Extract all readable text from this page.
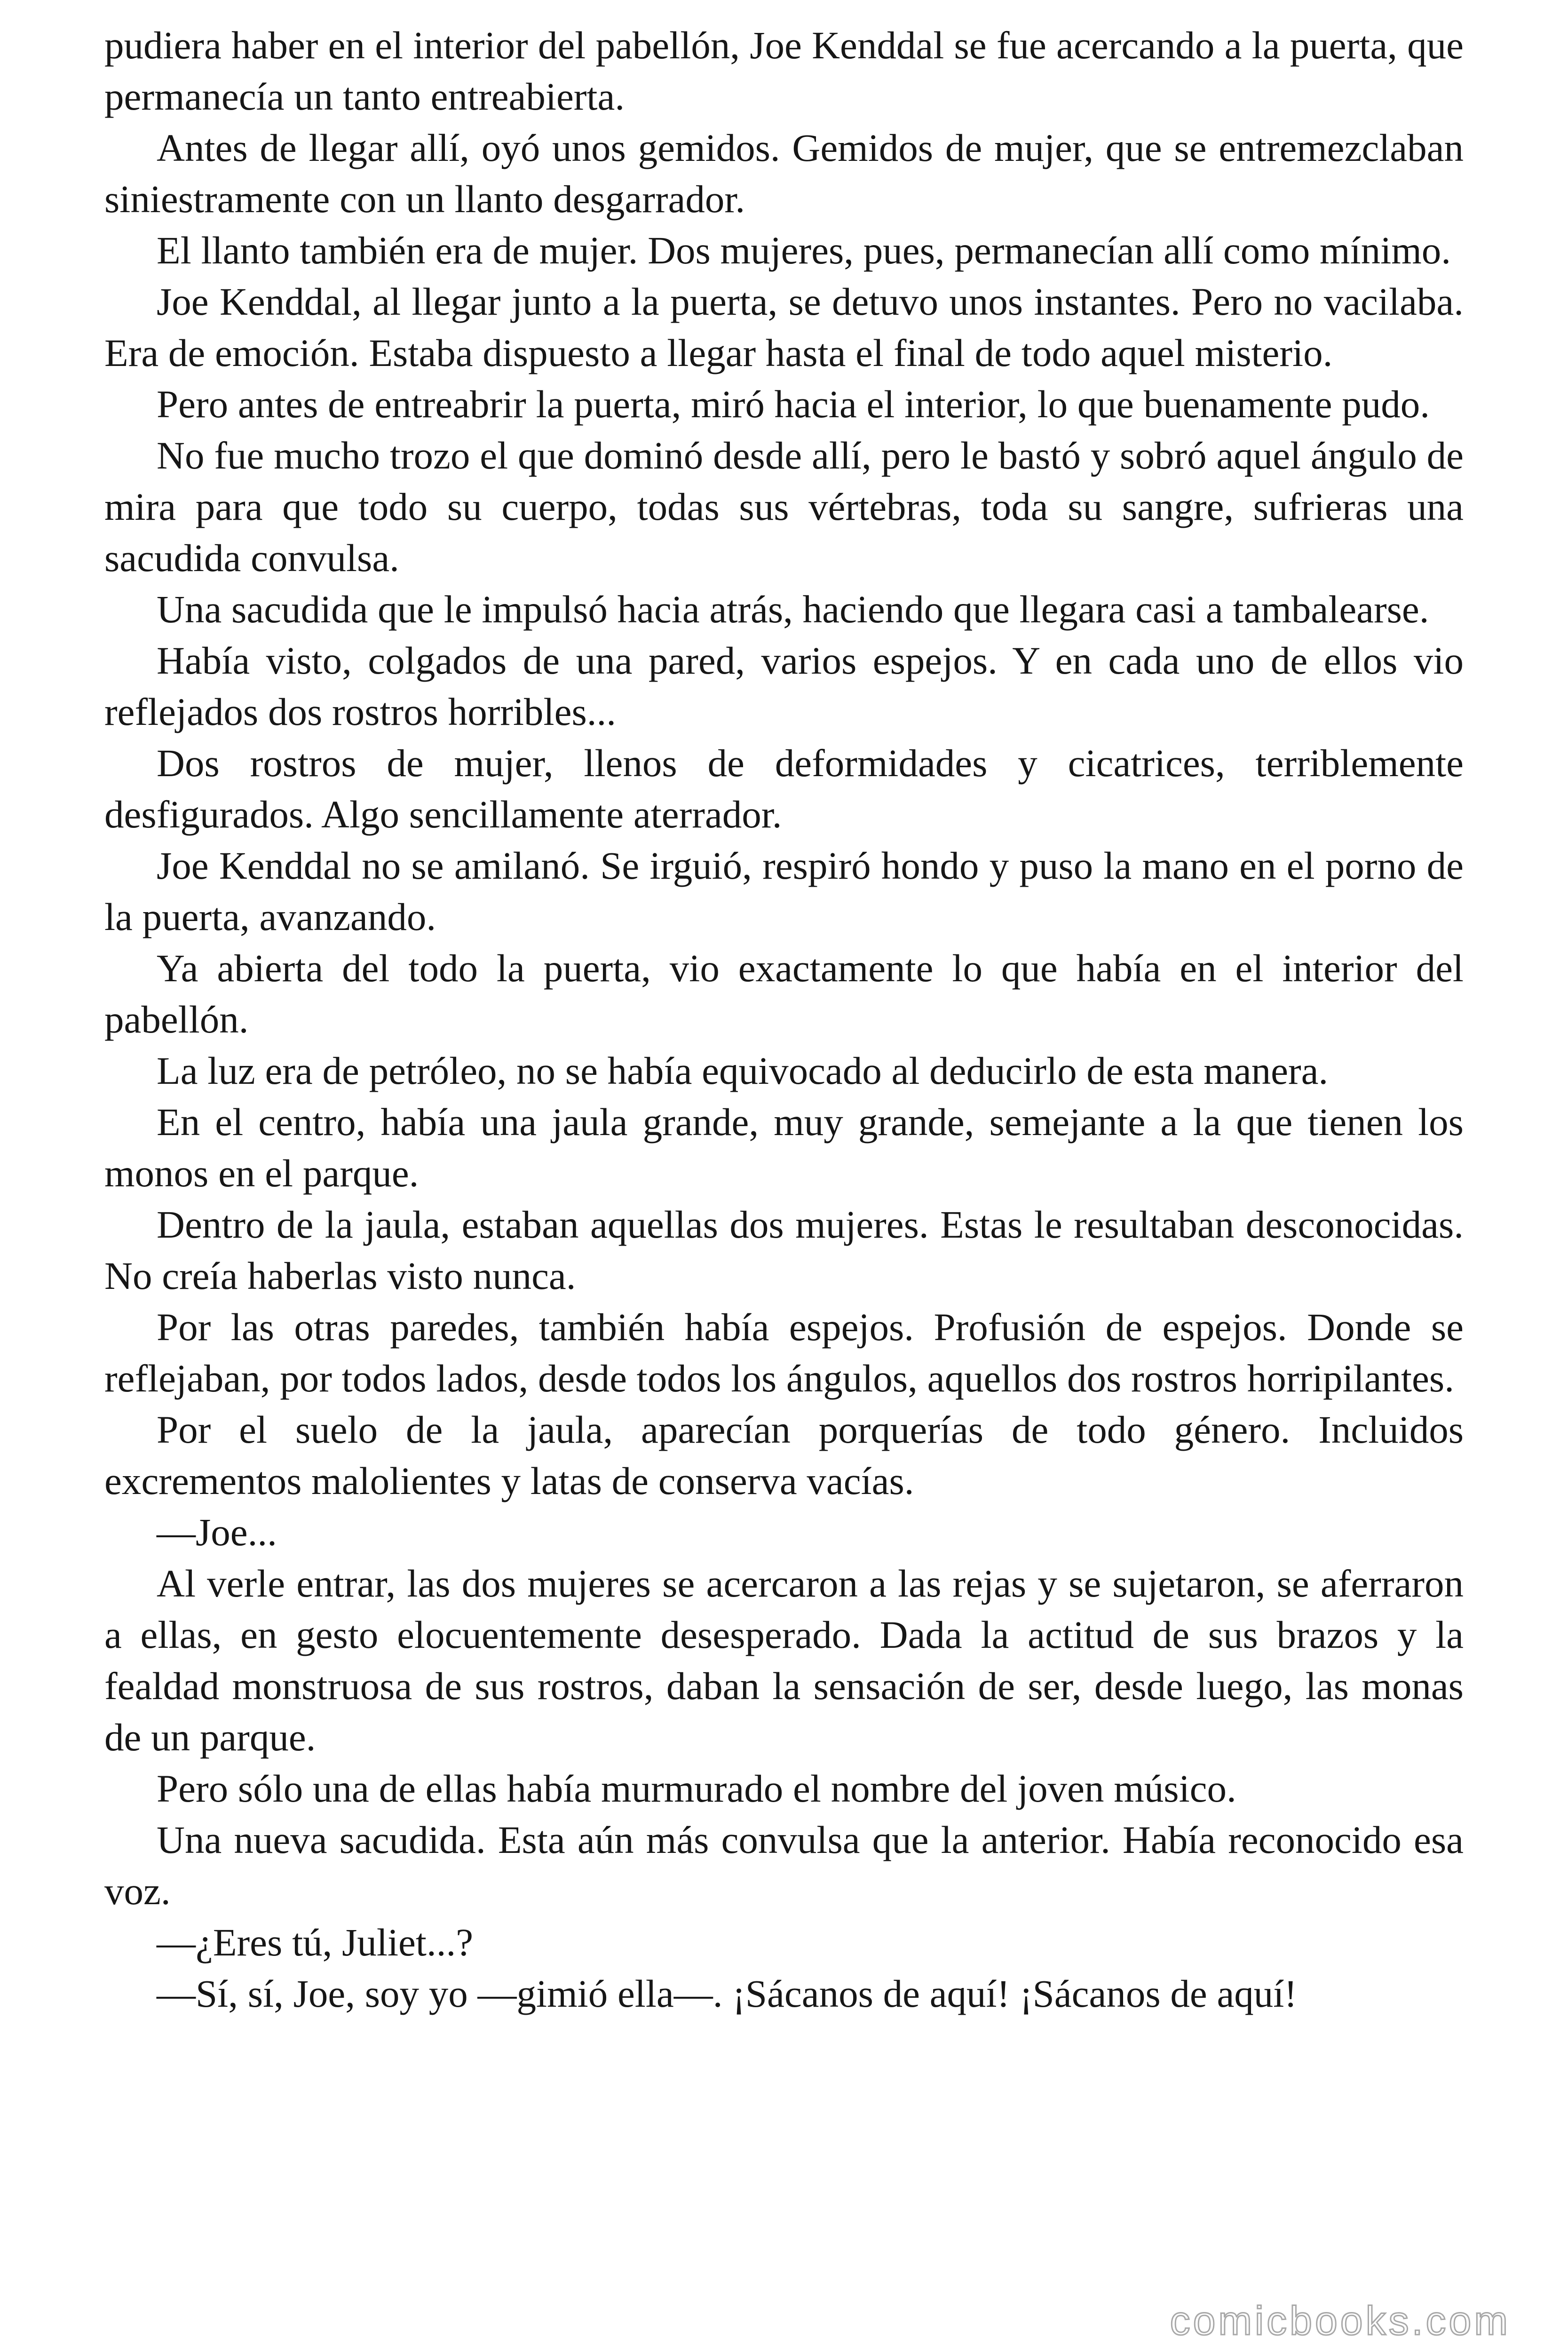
pudiera haber en el interior del pabellón, Joe Kenddal se fue acercando a la puerta, que permanecía un tanto entreabierta.

Antes de llegar allí, oyó unos gemidos. Gemidos de mujer, que se entremezclaban siniestramente con un llanto desgarrador.

El llanto también era de mujer. Dos mujeres, pues, permanecían allí como mínimo.

Joe Kenddal, al llegar junto a la puerta, se detuvo unos instantes. Pero no vacilaba. Era de emoción. Estaba dispuesto a llegar hasta el final de todo aquel misterio.

Pero antes de entreabrir la puerta, miró hacia el interior, lo que buenamente pudo.

No fue mucho trozo el que dominó desde allí, pero le bastó y sobró aquel ángulo de mira para que todo su cuerpo, todas sus vértebras, toda su sangre, sufrieras una sacudida convulsa.

Una sacudida que le impulsó hacia atrás, haciendo que llegara casi a tambalearse.

Había visto, colgados de una pared, varios espejos. Y en cada uno de ellos vio reflejados dos rostros horribles...

Dos rostros de mujer, llenos de deformidades y cicatrices, terriblemente desfigurados. Algo sencillamente aterrador.

Joe Kenddal no se amilanó. Se irguió, respiró hondo y puso la mano en el porno de la puerta, avanzando.

Ya abierta del todo la puerta, vio exactamente lo que había en el interior del pabellón.

La luz era de petróleo, no se había equivocado al deducirlo de esta manera.

En el centro, había una jaula grande, muy grande, semejante a la que tienen los monos en el parque.

Dentro de la jaula, estaban aquellas dos mujeres. Estas le resultaban desconocidas. No creía haberlas visto nunca.

Por las otras paredes, también había espejos. Profusión de espejos. Donde se reflejaban, por todos lados, desde todos los ángulos, aquellos dos rostros horripilantes.

Por el suelo de la jaula, aparecían porquerías de todo género. Incluidos excrementos malolientes y latas de conserva vacías.

—Joe...

Al verle entrar, las dos mujeres se acercaron a las rejas y se sujetaron, se aferraron a ellas, en gesto elocuentemente desesperado. Dada la actitud de sus brazos y la fealdad monstruosa de sus rostros, daban la sensación de ser, desde luego, las monas de un parque.

Pero sólo una de ellas había murmurado el nombre del joven músico.

Una nueva sacudida. Esta aún más convulsa que la anterior. Había reconocido esa voz.

—¿Eres tú, Juliet...?

—Sí, sí, Joe, soy yo —gimió ella—. ¡Sácanos de aquí! ¡Sácanos de aquí!

comicbooks.com
